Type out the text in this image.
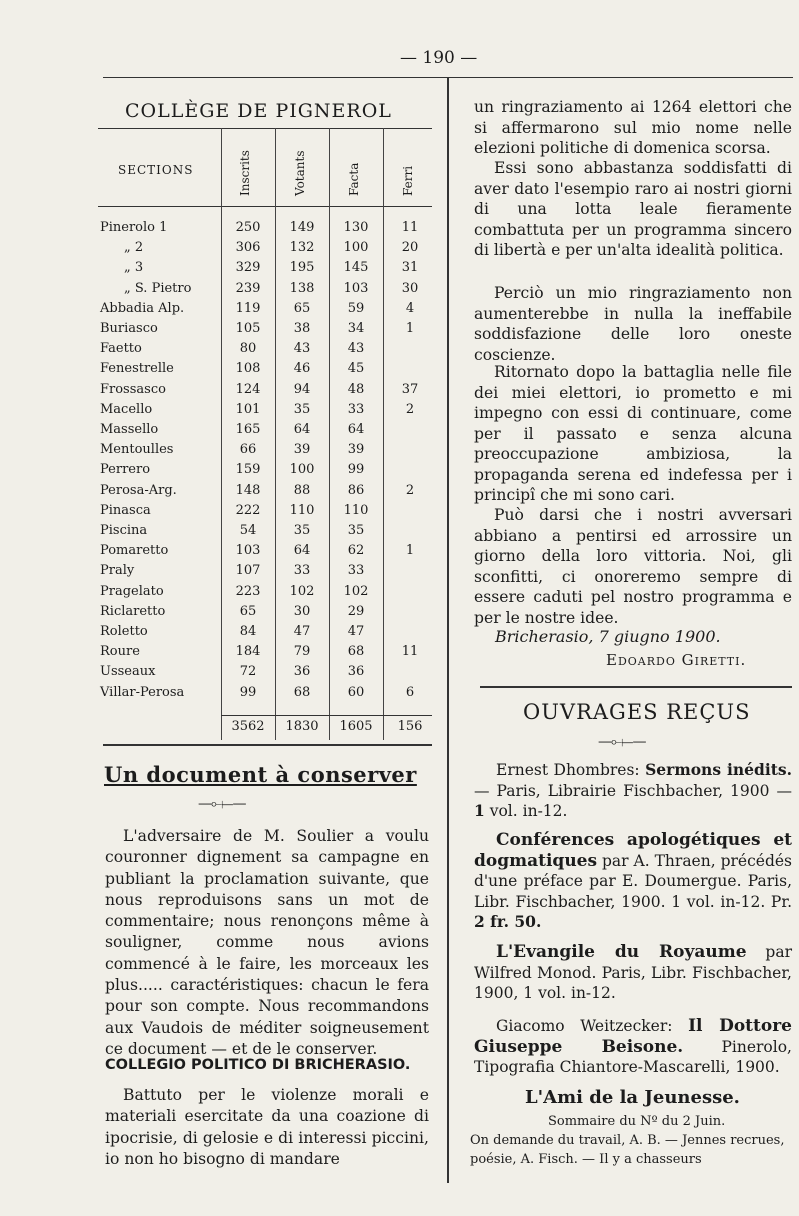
— 190 —
COLLÈGE DE PIGNEROL
SECTIONS	Inscrits	Votants	Facta	Ferri
Pinerolo 1	250	149	130	11
„ 2	306	132	100	20
„ 3	329	195	145	31
„ S. Pietro	239	138	103	30
Abbadia Alp.	119	65	59	4
Buriasco	105	38	34	1
Faetto	80	43	43
Fenestrelle	108	46	45
Frossasco	124	94	48	37
Macello	101	35	33	2
Massello	165	64	64
Mentoulles	66	39	39
Perrero	159	100	99
Perosa-Arg.	148	88	86	2
Pinasca	222	110	110
Piscina	54	35	35
Pomaretto	103	64	62	1
Praly	107	33	33
Pragelato	223	102	102
Riclaretto	65	30	29
Roletto	84	47	47
Roure	184	79	68	11
Usseaux	72	36	36
Villar-Perosa	99	68	60	6
3562	1830	1605	156
Un document à conserver
—⟜⟝—
L'adversaire de M. Soulier a voulu couronner dignement sa campagne en publiant la proclamation suivante, que nous reproduisons sans un mot de commentaire; nous renonçons même à souligner, comme nous avions commencé à le faire, les morceaux les plus..... caractéristiques: chacun le fera pour son compte. Nous recommandons aux Vaudois de méditer soigneusement ce document — et de le conserver.
COLLEGIO POLITICO DI BRICHERASIO.
Battuto per le violenze morali e materiali esercitate da una coazione di ipocrisie, di gelosie e di interessi piccini, io non ho bisogno di mandare
un ringraziamento ai 1264 elettori che si affermarono sul mio nome nelle elezioni politiche di domenica scorsa.
Essi sono abbastanza soddisfatti di aver dato l'esempio raro ai nostri giorni di una lotta leale fieramente combattuta per un programma sincero di libertà e per un'alta idealità politica.
Perciò un mio ringraziamento non aumenterebbe in nulla la ineffabile soddisfazione delle loro oneste coscienze.
Ritornato dopo la battaglia nelle file dei miei elettori, io prometto e mi impegno con essi di continuare, come per il passato e senza alcuna preoccupazione ambiziosa, la propaganda serena ed indefessa per i principî che mi sono cari.
Può darsi che i nostri avversari abbiano a pentirsi ed arrossire un giorno della loro vittoria. Noi, gli sconfitti, ci onoreremo sempre di essere caduti pel nostro programma e per le nostre idee.
Bricherasio, 7 giugno 1900.
Edoardo Giretti.
OUVRAGES REÇUS
—⟜⟝—
Ernest Dhombres: Sermons inédits. — Paris, Librairie Fischbacher, 1900 — 1 vol. in-12.
Conférences apologétiques et dogmatiques par A. Thraen, précédés d'une préface par E. Doumergue. Paris, Libr. Fischbacher, 1900. 1 vol. in-12. Pr. 2 fr. 50.
L'Evangile du Royaume par Wilfred Monod. Paris, Libr. Fischbacher, 1900, 1 vol. in-12.
Giacomo Weitzecker: Il Dottore Giuseppe Beisone. Pinerolo, Tipografia Chiantore-Mascarelli, 1900.
L'Ami de la Jeunesse.
Sommaire du Nº du 2 Juin.
On demande du travail, A. B. — Jennes recrues, poésie, A. Fisch. — Il y a chasseurs
